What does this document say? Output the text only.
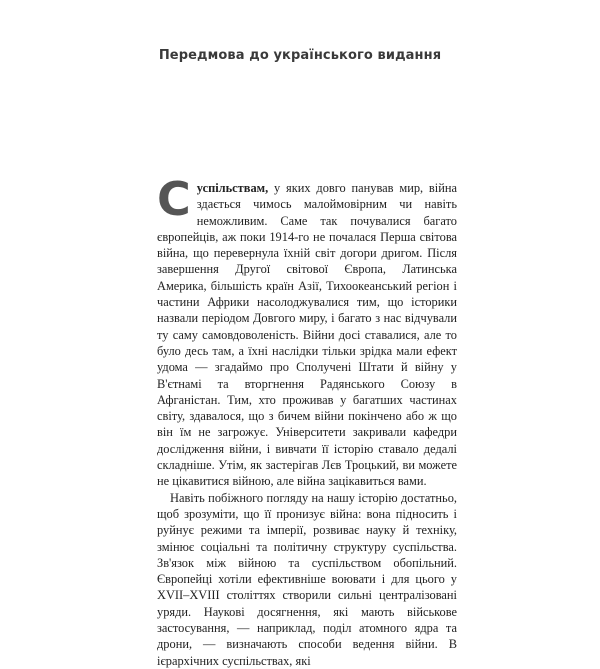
Передмова до українського видання

Суспільствам, у яких довго панував мир, війна здається чимось малоймовірним чи навіть неможливим. Саме так почувалися багато європейців, аж поки 1914-го не почалася Перша світова війна, що перевернула їхній світ догори дригом. Після завершення Другої світової Європа, Латинська Америка, більшість країн Азії, Тихоокеанський регіон і частини Африки насолоджувалися тим, що історики назвали періодом Довгого миру, і багато з нас відчували ту саму самовдоволеність. Війни досі ставалися, але то було десь там, а їхні наслідки тільки зрідка мали ефект удома — згадаймо про Сполучені Штати й війну у В'єтнамі та вторгнення Радянського Союзу в Афганістан. Тим, хто проживав у багатших частинах світу, здавалося, що з бичем війни покінчено або ж що він їм не загрожує. Університети закривали кафедри дослідження війни, і вивчати її історію ставало дедалі складніше. Утім, як застерігав Лєв Троцький, ви можете не цікавитися війною, але війна зацікавиться вами.

Навіть побіжного погляду на нашу історію достатньо, щоб зрозуміти, що її пронизує війна: вона підносить і руйнує режими та імперії, розвиває науку й техніку, змінює соціальні та політичну структуру суспільства. Зв'язок між війною та суспільством обопільний. Європейці хотіли ефективніше воювати і для цього у XVII–XVIII століттях створили сильні централізовані уряди. Наукові досягнення, які мають військове застосування, — наприклад, поділ атомного ядра та дрони, — визначають способи ведення війни. В ієрархічних суспільствах, які
